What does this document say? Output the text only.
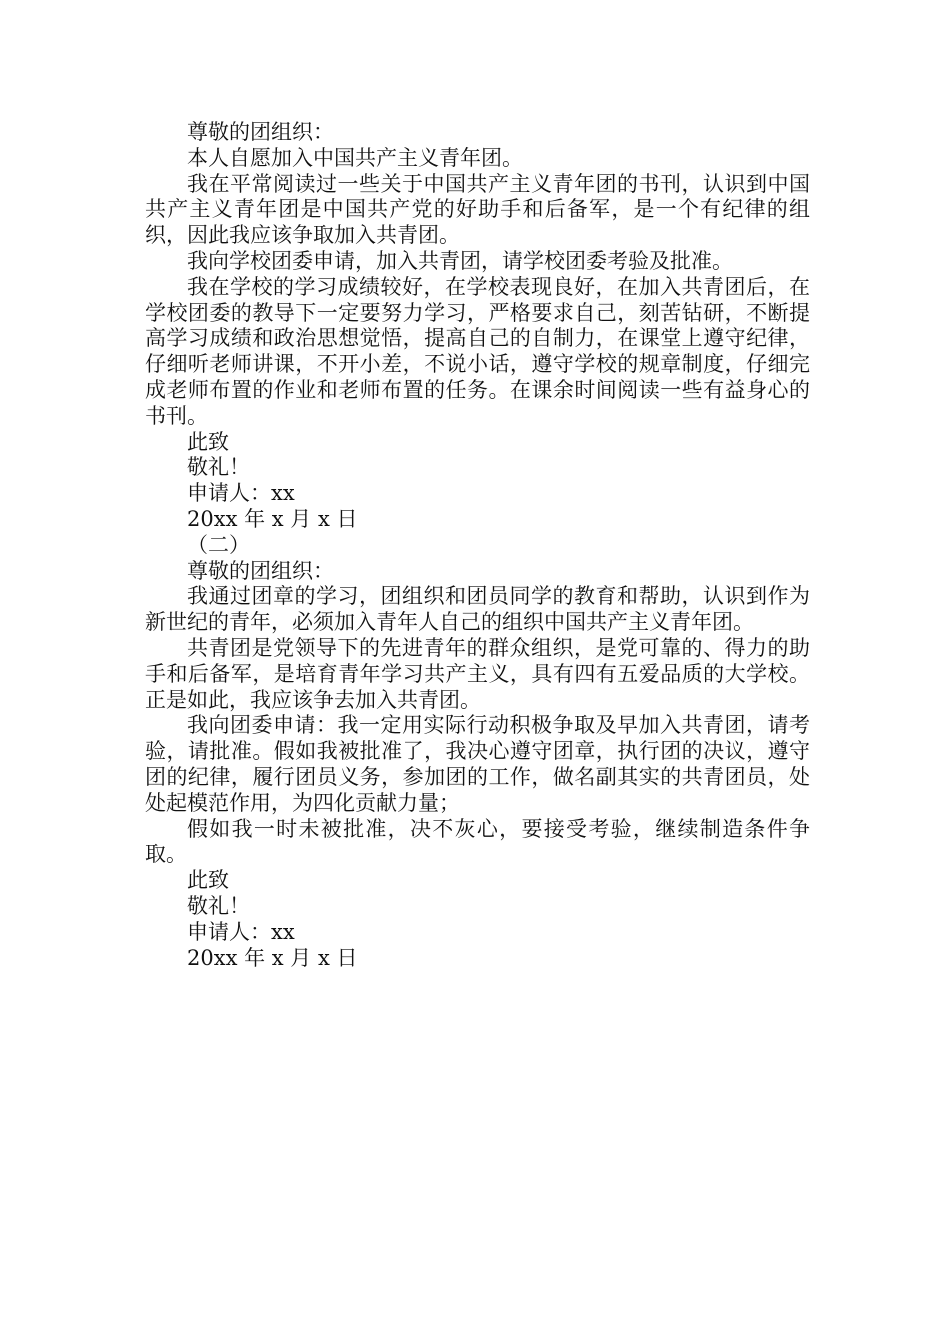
尊敬的团组织：

本人自愿加入中国共产主义青年团。

我在平常阅读过一些关于中国共产主义青年团的书刊，认识到中国共产主义青年团是中国共产党的好助手和后备军，是一个有纪律的组织，因此我应该争取加入共青团。

我向学校团委申请，加入共青团，请学校团委考验及批准。

我在学校的学习成绩较好，在学校表现良好，在加入共青团后，在学校团委的教导下一定要努力学习，严格要求自己，刻苦钻研，不断提高学习成绩和政治思想觉悟，提高自己的自制力，在课堂上遵守纪律，仔细听老师讲课，不开小差，不说小话，遵守学校的规章制度，仔细完成老师布置的作业和老师布置的任务。在课余时间阅读一些有益身心的书刊。

此致

敬礼！

申请人：xx

20xx 年 x 月 x 日

（二）

尊敬的团组织：

我通过团章的学习，团组织和团员同学的教育和帮助，认识到作为新世纪的青年，必须加入青年人自己的组织中国共产主义青年团。

共青团是党领导下的先进青年的群众组织，是党可靠的、得力的助手和后备军，是培育青年学习共产主义，具有四有五爱品质的大学校。正是如此，我应该争去加入共青团。

我向团委申请：我一定用实际行动积极争取及早加入共青团，请考验，请批准。假如我被批准了，我决心遵守团章，执行团的决议，遵守团的纪律，履行团员义务，参加团的工作，做名副其实的共青团员，处处起模范作用，为四化贡献力量；

假如我一时未被批准，决不灰心，要接受考验，继续制造条件争取。

此致

敬礼！

申请人：xx

20xx 年 x 月 x 日
